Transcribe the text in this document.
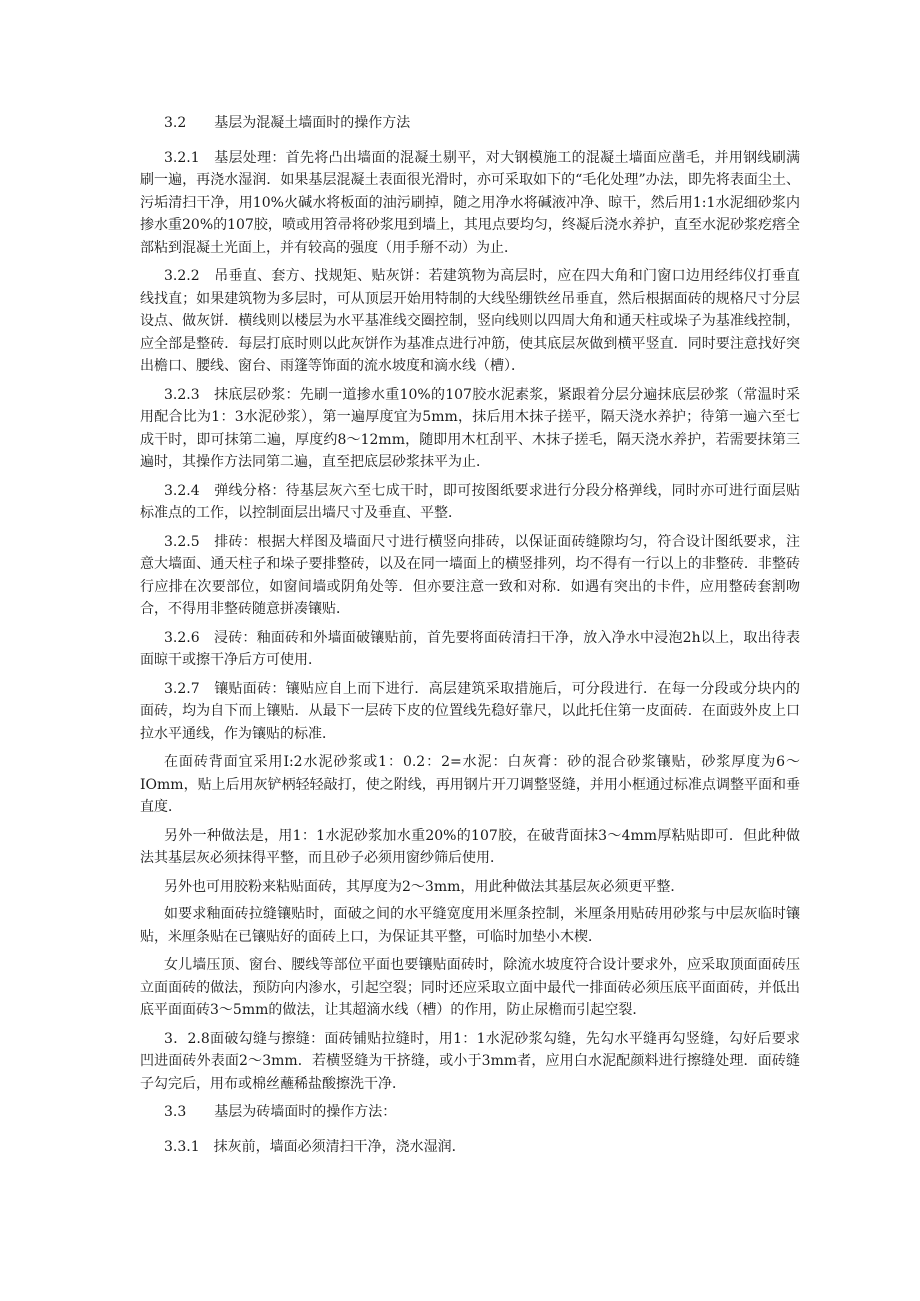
3.2　　基层为混凝土墙面时的操作方法

3.2.1　基层处理：首先将凸出墙面的混凝土剔平，对大钢模施工的混凝土墙面应凿毛，并用钢线刷满刷一遍，再浇水湿润．如果基层混凝土表面很光滑时，亦可采取如下的“毛化处理”办法，即先将表面尘土、污垢清扫干净，用10%火碱水将板面的油污刷掉，随之用净水将碱液冲净、晾干，然后用1:1水泥细砂浆内掺水重20%的107胶，喷或用笤帚将砂浆甩到墙上，其甩点要均匀，终凝后浇水养护，直至水泥砂浆疙瘩全部粘到混凝土光面上，并有较高的强度（用手掰不动）为止．

3.2.2　吊垂直、套方、找规矩、贴灰饼：若建筑物为高层时，应在四大角和门窗口边用经纬仪打垂直线找直；如果建筑物为多层时，可从顶层开始用特制的大线坠绷铁丝吊垂直，然后根据面砖的规格尺寸分层设点、做灰饼．横线则以楼层为水平基准线交圈控制，竖向线则以四周大角和通天柱或垛子为基准线控制，应全部是整砖．每层打底时则以此灰饼作为基准点进行冲筋，使其底层灰做到横平竖直．同时要注意找好突出檐口、腰线、窗台、雨篷等饰面的流水坡度和滴水线（槽）．

3.2.3　抹底层砂浆：先刷一道掺水重10%的107胶水泥素浆，紧跟着分层分遍抹底层砂浆（常温时采用配合比为1：3水泥砂浆），第一遍厚度宜为5mm，抹后用木抹子搓平，隔天浇水养护；待第一遍六至七成干时，即可抹第二遍，厚度约8～12mm，随即用木杠刮平、木抹子搓毛，隔天浇水养护，若需要抹第三遍时，其操作方法同第二遍，直至把底层砂浆抹平为止．

3.2.4　弹线分格：待基层灰六至七成干时，即可按图纸要求进行分段分格弹线，同时亦可进行面层贴标准点的工作，以控制面层出墙尺寸及垂直、平整．

3.2.5　排砖：根据大样图及墙面尺寸进行横竖向排砖，以保证面砖缝隙均匀，符合设计图纸要求，注意大墙面、通天柱子和垛子要排整砖，以及在同一墙面上的横竖排列，均不得有一行以上的非整砖．非整砖行应排在次要部位，如窗间墙或阴角处等．但亦要注意一致和对称．如遇有突出的卡件，应用整砖套割吻合，不得用非整砖随意拼凑镶贴．

3.2.6　浸砖：釉面砖和外墙面破镶贴前，首先要将面砖清扫干净，放入净水中浸泡2h以上，取出待表面晾干或擦干净后方可使用．

3.2.7　镶贴面砖：镶贴应自上而下进行．高层建筑采取措施后，可分段进行．在每一分段或分块内的面砖，均为自下而上镶贴．从最下一层砖下皮的位置线先稳好靠尺，以此托住第一皮面砖．在面豉外皮上口拉水平通线，作为镶贴的标准．

在面砖背面宜采用I:2水泥砂浆或1：0.2：2=水泥：白灰膏：砂的混合砂浆镶贴，砂浆厚度为6～IOmm，贴上后用灰铲柄轻轻敲打，使之附线，再用钢片开刀调整竖缝，并用小框通过标准点调整平面和垂直度．

另外一种做法是，用1：1水泥砂浆加水重20%的107胶，在破背面抹3～4mm厚粘贴即可．但此种做法其基层灰必须抹得平整，而且砂子必须用窗纱筛后使用．

另外也可用胶粉来粘贴面砖，其厚度为2～3mm，用此种做法其基层灰必须更平整．

如要求釉面砖拉缝镶贴时，面破之间的水平缝宽度用米厘条控制，米厘条用贴砖用砂浆与中层灰临时镶贴，米厘条贴在已镶贴好的面砖上口，为保证其平整，可临时加垫小木楔．

女儿墙压顶、窗台、腰线等部位平面也要镶贴面砖时，除流水坡度符合设计要求外，应采取顶面面砖压立面面砖的做法，预防向内渗水，引起空裂；同时还应采取立面中最代一排面砖必须压底平面面砖，并低出底平面面砖3～5mm的做法，让其超滴水线（槽）的作用，防止尿檐而引起空裂．

3．2.8面破勾缝与擦缝：面砖铺贴拉缝时，用1：1水泥砂浆勾缝，先勾水平缝再勾竖缝，勾好后要求凹进面砖外表面2～3mm．若横竖缝为干挤缝，或小于3mm者，应用白水泥配颜料进行擦缝处理．面砖缝子勾完后，用布或棉丝蘸稀盐酸擦洗干净．

3.3　　基层为砖墙面时的操作方法：

3.3.1　抹灰前，墙面必须清扫干净，浇水湿润．
